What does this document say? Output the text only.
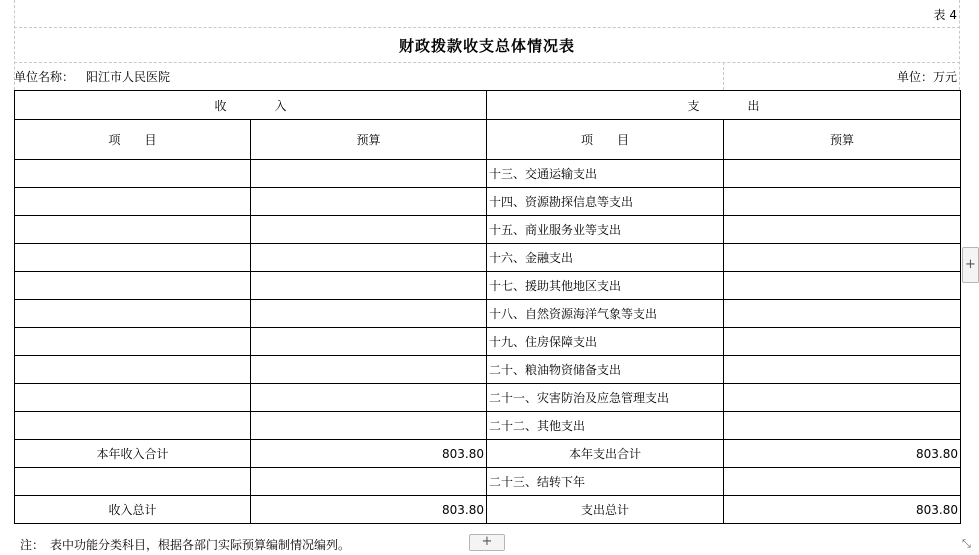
表 4
财政拨款收支总体情况表
单位名称： 阳江市人民医院	单位：万元
收　　　　入		支　　　　出	
项　　目	预算	项　　目	预算
		十三、交通运输支出	
		十四、资源勘探信息等支出	
		十五、商业服务业等支出	
		十六、金融支出	
		十七、援助其他地区支出	
		十八、自然资源海洋气象等支出	
		十九、住房保障支出	
		二十、粮油物资储备支出	
		二十一、灾害防治及应急管理支出	
		二十二、其他支出	
本年收入合计	803.80	本年支出合计	803.80
		二十三、结转下年	
收入总计	803.80	支出总计	803.80
注：　表中功能分类科目，根据各部门实际预算编制情况编列。
+
+	⤡
